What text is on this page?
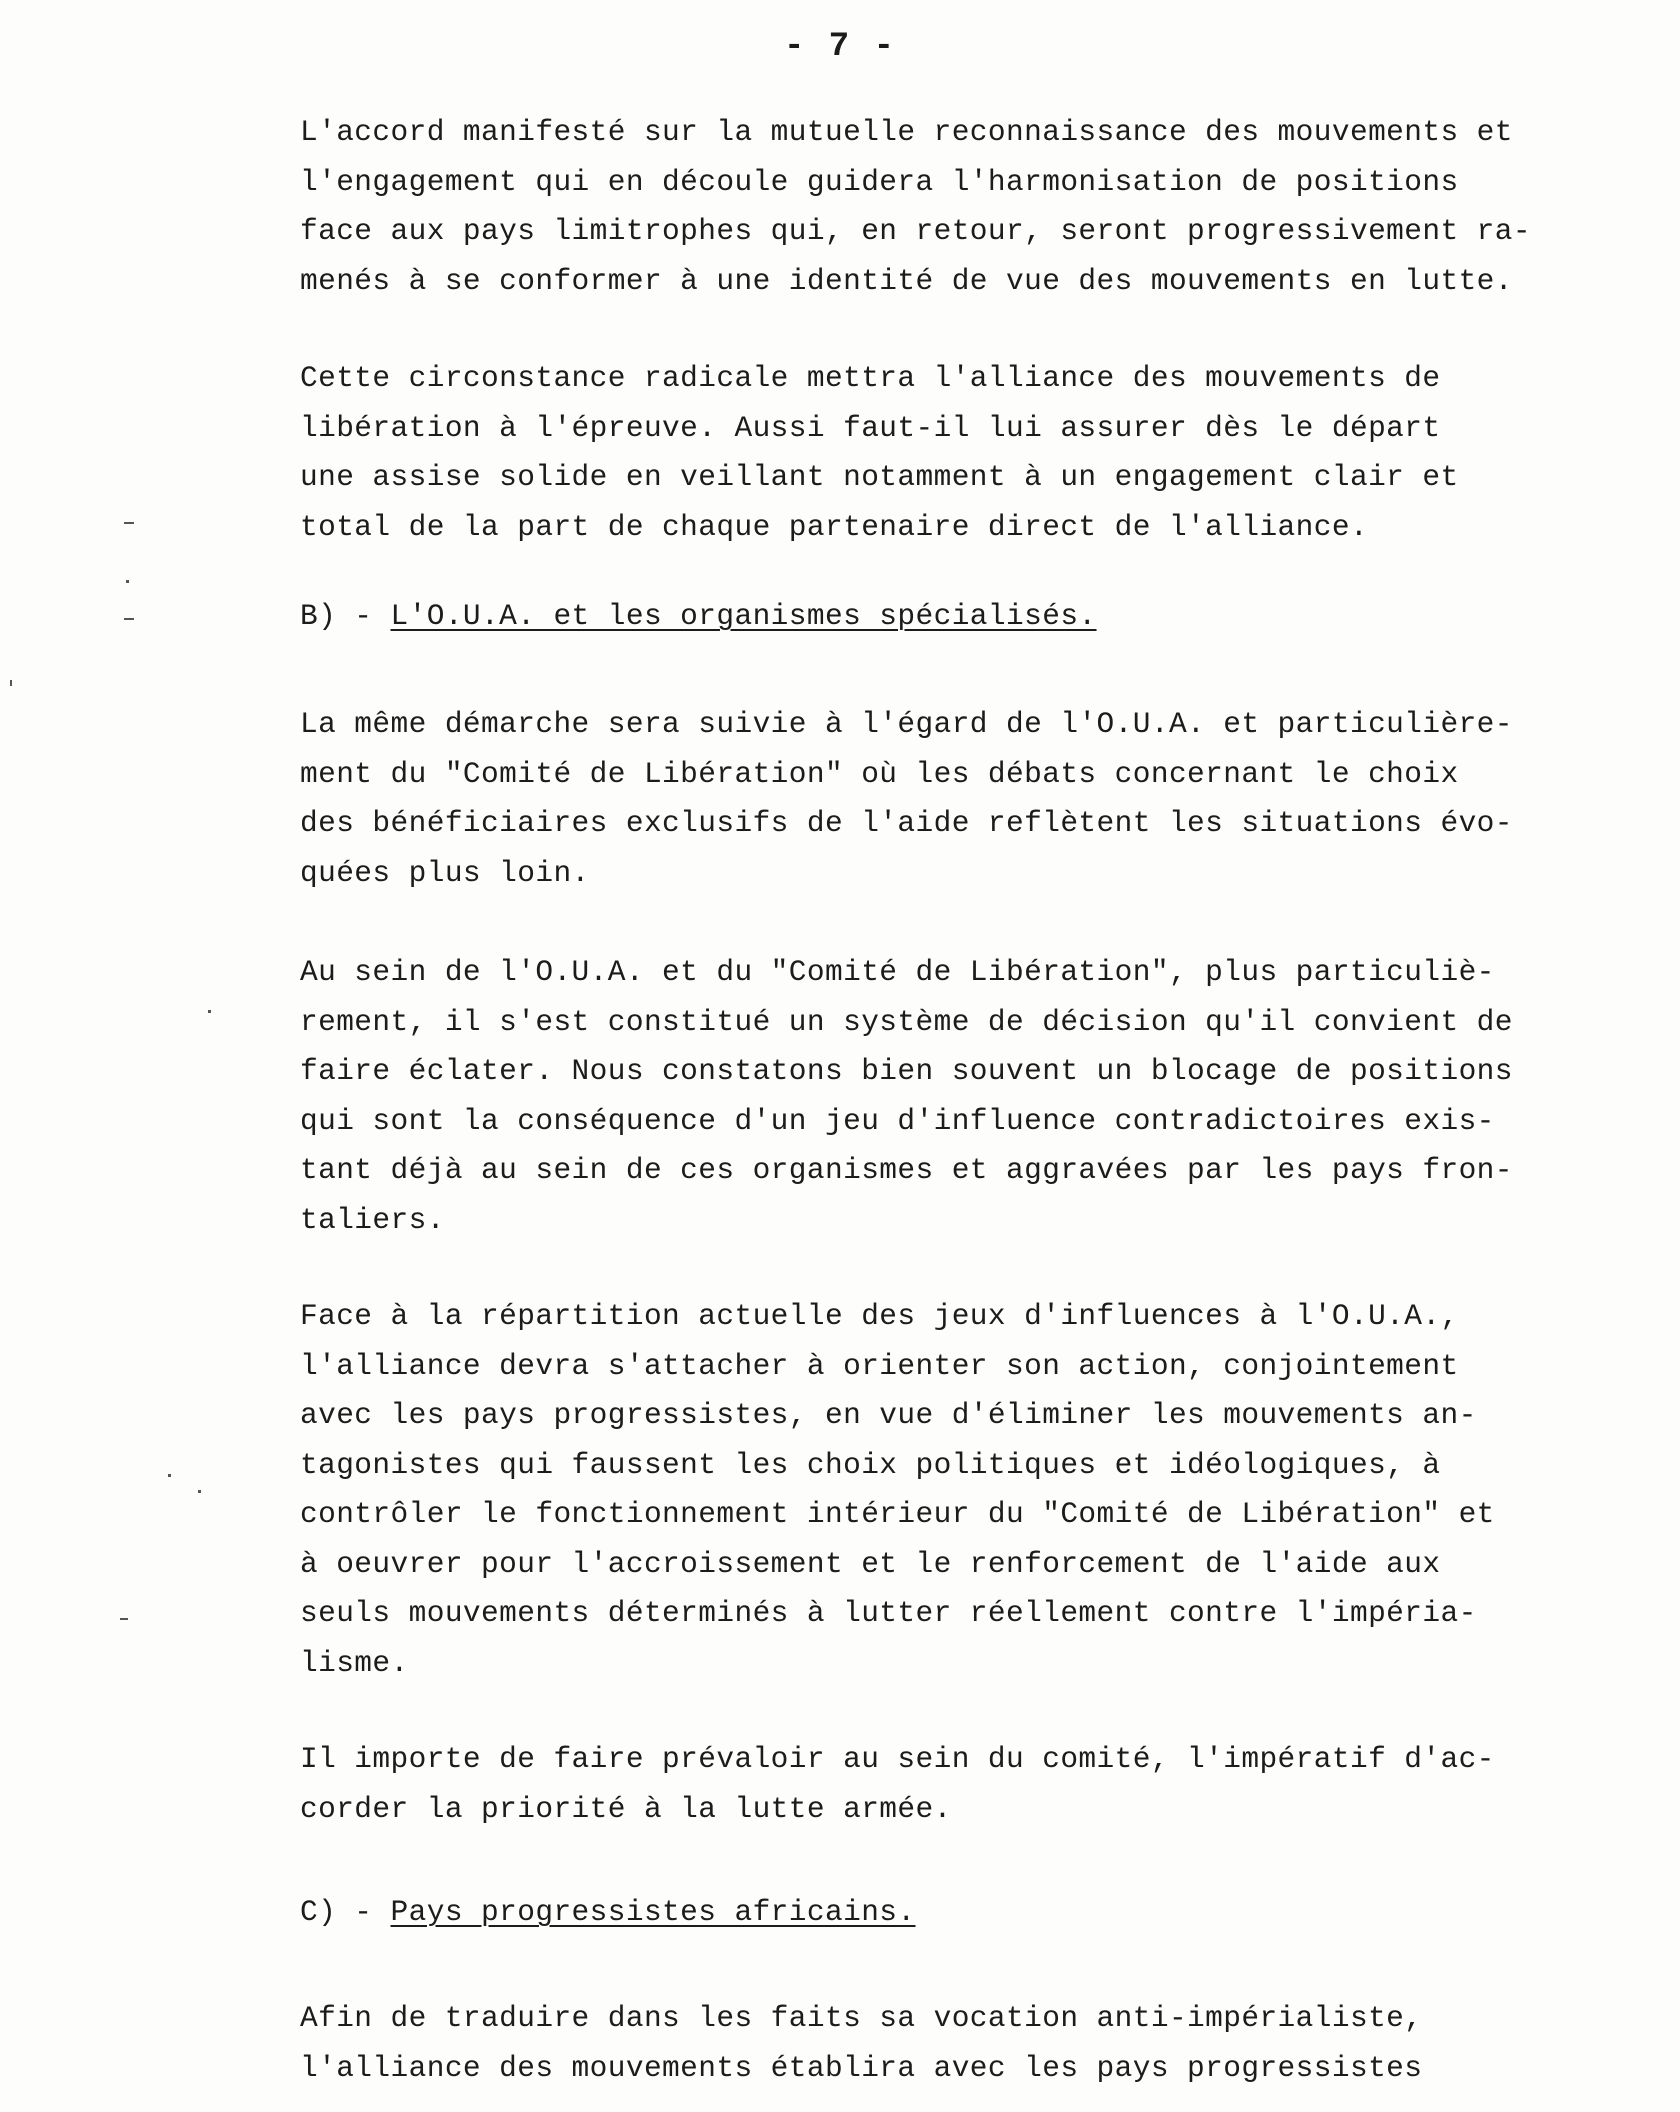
- 7 -
L'accord manifesté sur la mutuelle reconnaissance des mouvements et
l'engagement qui en découle guidera l'harmonisation de positions
face aux pays limitrophes qui, en retour, seront progressivement ra-
menés à se conformer à une identité de vue des mouvements en lutte.
Cette circonstance radicale mettra l'alliance des mouvements de
libération à l'épreuve. Aussi faut-il lui assurer dès le départ
une assise solide en veillant notamment à un engagement clair et
total de la part de chaque partenaire direct de l'alliance.
B) - L'O.U.A. et les organismes spécialisés.
La même démarche sera suivie à l'égard de l'O.U.A. et particulière-
ment du "Comité de Libération" où les débats concernant le choix
des bénéficiaires exclusifs de l'aide reflètent les situations évo-
quées plus loin.
Au sein de l'O.U.A. et du "Comité de Libération", plus particuliè-
rement, il s'est constitué un système de décision qu'il convient de
faire éclater. Nous constatons bien souvent un blocage de positions
qui sont la conséquence d'un jeu d'influence contradictoires exis-
tant déjà au sein de ces organismes et aggravées par les pays fron-
taliers.
Face à la répartition actuelle des jeux d'influences à l'O.U.A.,
l'alliance devra s'attacher à orienter son action, conjointement
avec les pays progressistes, en vue d'éliminer les mouvements an-
tagonistes qui faussent les choix politiques et idéologiques, à
contrôler le fonctionnement intérieur du "Comité de Libération" et
à oeuvrer pour l'accroissement et le renforcement de l'aide aux
seuls mouvements déterminés à lutter réellement contre l'impéria-
lisme.
Il importe de faire prévaloir au sein du comité, l'impératif d'ac-
corder la priorité à la lutte armée.
C) - Pays progressistes africains.
Afin de traduire dans les faits sa vocation anti-impérialiste,
l'alliance des mouvements établira avec les pays progressistes
